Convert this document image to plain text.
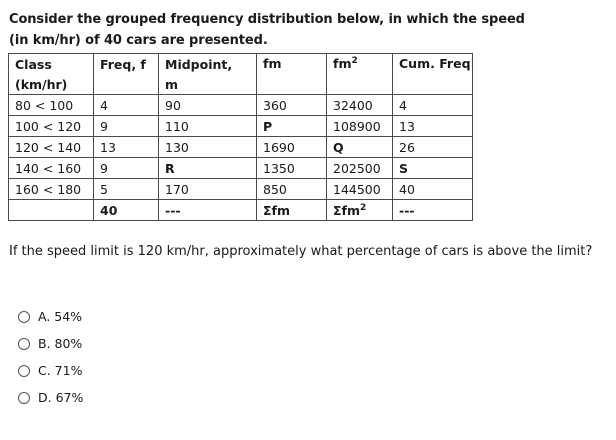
Consider the grouped frequency distribution below, in which the speed
(in km/hr) of 40 cars are presented.
Class	Freq, f	Midpoint,	fm	$fm^2$	Cum. Freq
(km/hr)		m			
80 < 100	4	90	360	32400	4
100 < 120	9	110	P	108900	13
120 < 140	13	130	1690	Q	26
140 < 160	9	R	1350	202500	S
160 < 180	5	170	850	144500	40
	40	---	Σfm	Σfm$^2$	---
If the speed limit is 120 km/hr, approximately what percentage of cars is above the limit?
A. 54%
B. 80%
C. 71%
D. 67%
